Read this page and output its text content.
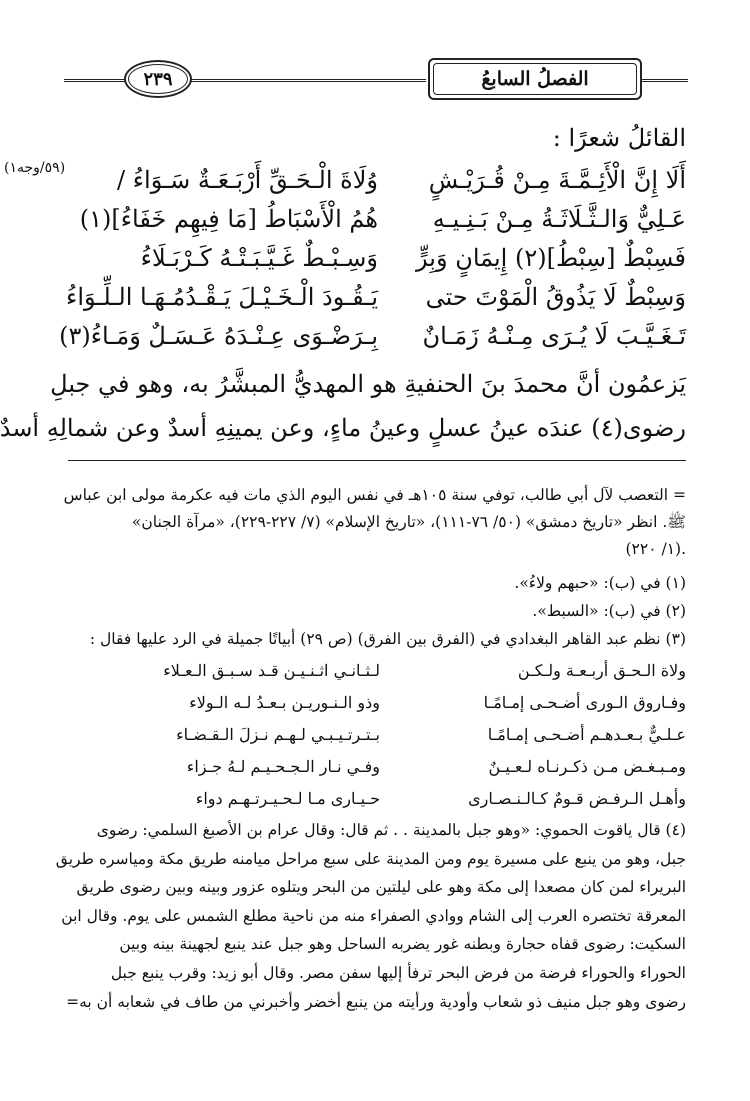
٢٣٩	الفصلُ السابعُ
القائلُ شعرًا :
(٥٩/وجه١)	أَلَا إِنَّ الْأَئِـمَّـةَ مِـنْ قُـرَيْـشٍ
وُلَاةَ الْـحَـقِّ أَرْبَـعَـةٌ سَـوَاءُ /
عَـلِيٌّ وَالـثَّـلَاثَـةُ مِـنْ بَـنِـيـهِ
هُمُ الْأَسْبَاطُ [مَا فِيهِم خَفَاءُ](١)
فَسِبْطٌ [سِبْطُ](٢) إِيمَانٍ وَبِرٍّ
وَسِـبْـطٌ غَـيَّـبَـتْـهُ كَـرْبَـلَاءُ
وَسِبْطٌ لَا يَذُوقُ الْمَوْتَ حتى
يَـقُـودَ الْـخَـيْـلَ يَـقْـدُمُـهَـا الـلِّـوَاءُ
تَـغَـيَّـبَ لَا يُـرَى مِـنْـهُ زَمَـانٌ
بِـرَضْـوَى عِـنْـدَهُ عَـسَـلٌ وَمَـاءُ(٣)
يَزعمُون أنَّ محمدَ بنَ الحنفيةِ هو المهديُّ المبشَّرُ به، وهو في جبلِ
رضوى(٤) عندَه عينُ عسلٍ وعينُ ماءٍ، وعن يمينِهِ أسدٌ وعن شمالِهِ أسدٌ
= التعصب لآل أبي طالب، توفي سنة ١٠٥هـ في نفس اليوم الذي مات فيه عكرمة مولى ابن عباس
ﷺ. انظر «تاريخ دمشق» (٥٠/ ٧٦-١١١)، «تاريخ الإسلام» (٧/ ٢٢٧-٢٢٩)، «مرآة الجنان»
(١/ ٢٢٠).
(١) في (ب): «حبهم ولاءُ».
(٢) في (ب): «السبط».
(٣) نظم عبد القاهر البغدادي في (الفرق بين الفرق) (ص ٢٩) أبياتًا جميلة في الرد عليها فقال :
ولاة الـحـق أربـعـة ولـكـن
لـثـانـي اثـنـيـن قـد سـبـق الـعـلاء
وفـاروق الـورى أضـحـى إمـامًـا
وذو الـنـوريـن بـعـدُ لـه الـولاء
عـلـيٌّ بـعـدهـم أضـحـى إمـامًـا
بـتـرتـيـبـي لـهـم نـزلَ الـقـضـاء
ومـبـغـض مـن ذكـرنـاه لـعـيـنٌ
وفـي نـار الـجـحـيـم لـهُ جـزاء
وأهـل الـرفـض قـومٌ كـالـنـصـارى
حـيـارى مـا لـحـيـرتـهـم دواء
(٤) قال ياقوت الحموي: «وهو جبل بالمدينة . . ثم قال: وقال عرام بن الأصبغ السلمي: رضوى
جبل، وهو من ينبع على مسيرة يوم ومن المدينة على سبع مراحل ميامنه طريق مكة ومياسره طريق
البريراء لمن كان مصعدا إلى مكة وهو على ليلتين من البحر ويتلوه عزور وبينه وبين رضوى طريق
المعرقة تختصره العرب إلى الشام ووادي الصفراء منه من ناحية مطلع الشمس على يوم. وقال ابن
السكيت: رضوى قفاه حجارة وبطنه غور يضربه الساحل وهو جبل عند ينبع لجهينة بينه وبين
الحوراء والحوراء فرضة من فرض البحر ترفأ إليها سفن مصر. وقال أبو زيد: وقرب ينبع جبل
رضوى وهو جبل منيف ذو شعاب وأودية ورأيته من ينبع أخضر وأخبرني من طاف في شعابه أن به=
